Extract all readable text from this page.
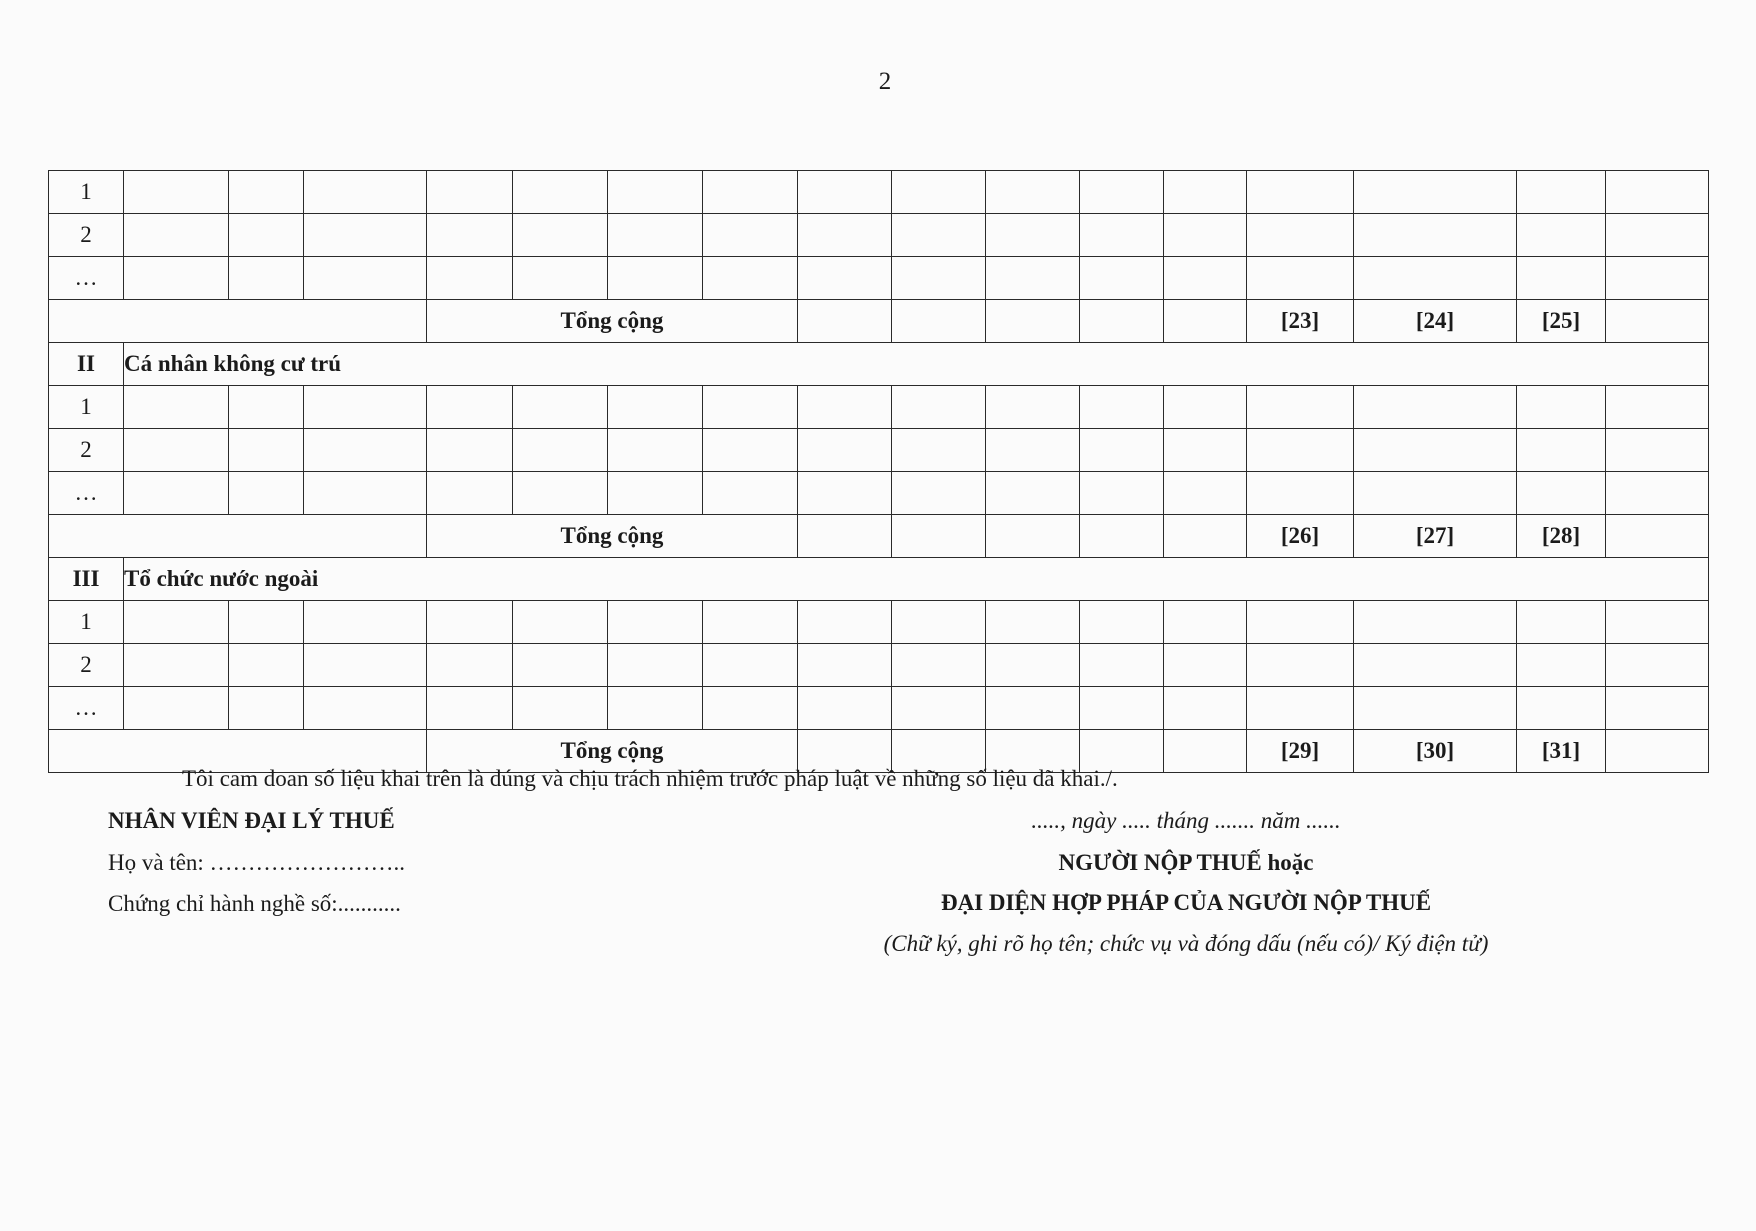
2
1																
2																
…																
				Tổng cộng									[23]	[24]	[25]	
II	Cá nhân không cư trú															
1																
2																
…																
				Tổng cộng									[26]	[27]	[28]	
III	Tổ chức nước ngoài															
1																
2																
…																
				Tổng cộng									[29]	[30]	[31]	
Tôi cam đoan số liệu khai trên là đúng và chịu trách nhiệm trước pháp luật về những số liệu đã khai./.
NHÂN VIÊN ĐẠI LÝ THUẾ
Họ và tên: ……………………..
Chứng chỉ hành nghề số:...........
....., ngày ..... tháng ....... năm ......
NGƯỜI NỘP THUẾ hoặc
ĐẠI DIỆN HỢP PHÁP CỦA NGƯỜI NỘP THUẾ
(Chữ ký, ghi rõ họ tên; chức vụ và đóng dấu (nếu có)/ Ký điện tử)
